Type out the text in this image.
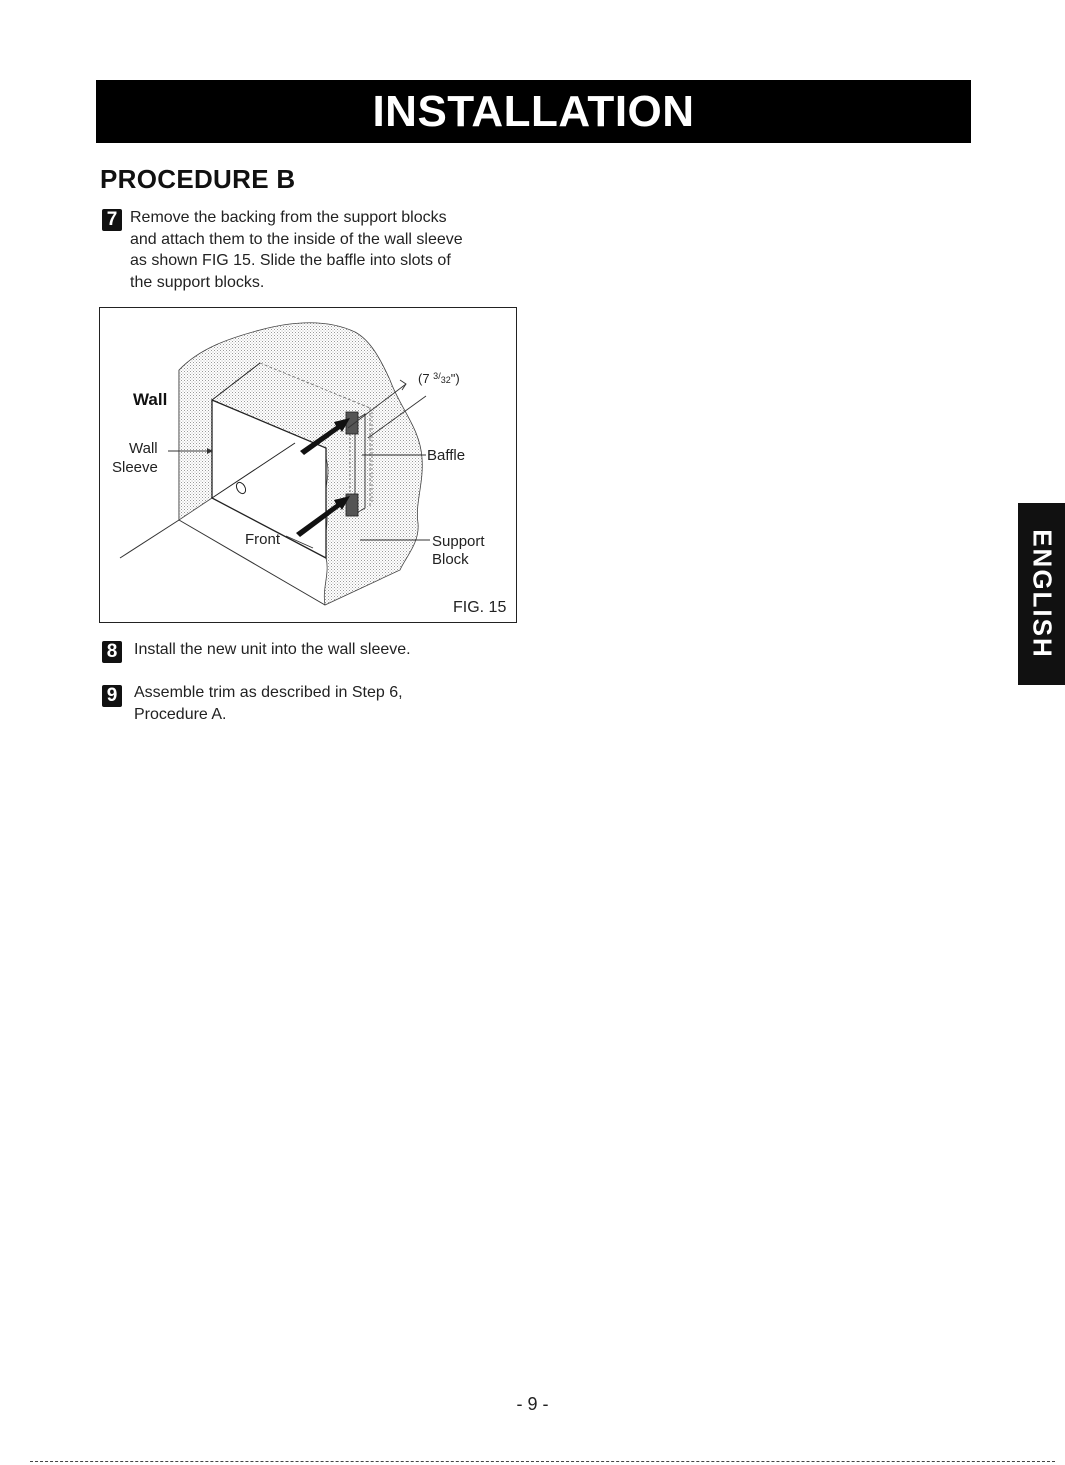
INSTALLATION
PROCEDURE B
7 Remove the backing from the support blocks
and attach them to the inside of the wall sleeve
as shown FIG 15. Slide the baffle into slots of
the support blocks.
Wall
Wall
Sleeve
Front
Baffle
Support
Block
(7 $^3/_{32}$")
FIG. 15
8 Install the new unit into the wall sleeve.
9 Assemble trim as described in Step 6,
Procedure A.
ENGLISH
- 9 -
